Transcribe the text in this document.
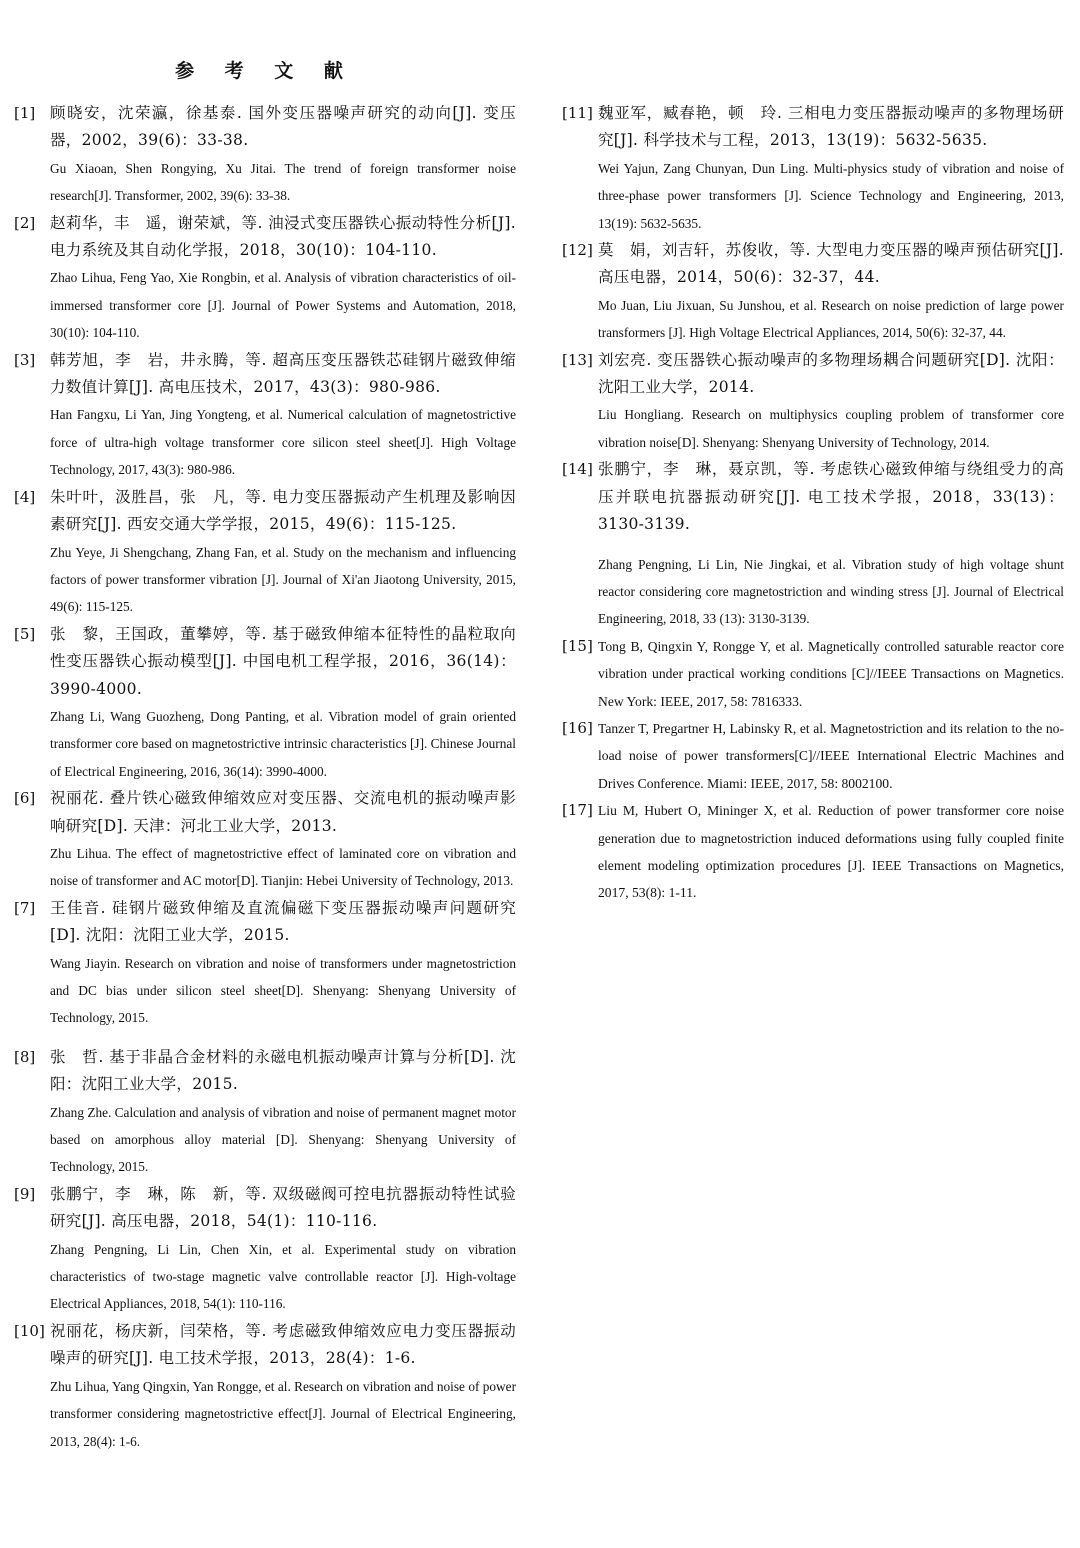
参 考 文 献
[1] 顾晓安，沈荣瀛，徐基泰. 国外变压器噪声研究的动向[J]. 变压器，2002，39(6)：33-38.

Gu Xiaoan, Shen Rongying, Xu Jitai. The trend of foreign transformer noise research[J]. Transformer, 2002, 39(6): 33-38.

[2] 赵莉华，丰　遥，谢荣斌，等. 油浸式变压器铁心振动特性分析[J]. 电力系统及其自动化学报，2018，30(10)：104-110.

Zhao Lihua, Feng Yao, Xie Rongbin, et al. Analysis of vibration characteristics of oil-immersed transformer core [J]. Journal of Power Systems and Automation, 2018, 30(10): 104-110.

[3] 韩芳旭，李　岩，井永腾，等. 超高压变压器铁芯硅钢片磁致伸缩力数值计算[J]. 高电压技术，2017，43(3)：980-986.

Han Fangxu, Li Yan, Jing Yongteng, et al. Numerical calculation of magnetostrictive force of ultra-high voltage transformer core silicon steel sheet[J]. High Voltage Technology, 2017, 43(3): 980-986.

[4] 朱叶叶，汲胜昌，张　凡，等. 电力变压器振动产生机理及影响因素研究[J]. 西安交通大学学报，2015，49(6)：115-125.

Zhu Yeye, Ji Shengchang, Zhang Fan, et al. Study on the mechanism and influencing factors of power transformer vibration [J]. Journal of Xi'an Jiaotong University, 2015, 49(6): 115-125.

[5] 张　黎，王国政，董攀婷，等. 基于磁致伸缩本征特性的晶粒取向性变压器铁心振动模型[J]. 中国电机工程学报，2016，36(14)：3990-4000.

Zhang Li, Wang Guozheng, Dong Panting, et al. Vibration model of grain oriented transformer core based on magnetostrictive intrinsic characteristics [J]. Chinese Journal of Electrical Engineering, 2016, 36(14): 3990-4000.

[6] 祝丽花. 叠片铁心磁致伸缩效应对变压器、交流电机的振动噪声影响研究[D]. 天津：河北工业大学，2013.

Zhu Lihua. The effect of magnetostrictive effect of laminated core on vibration and noise of transformer and AC motor[D]. Tianjin: Hebei University of Technology, 2013.

[7] 王佳音. 硅钢片磁致伸缩及直流偏磁下变压器振动噪声问题研究[D]. 沈阳：沈阳工业大学，2015.

Wang Jiayin. Research on vibration and noise of transformers under magnetostriction and DC bias under silicon steel sheet[D]. Shenyang: Shenyang University of Technology, 2015.

[8] 张　哲. 基于非晶合金材料的永磁电机振动噪声计算与分析[D]. 沈阳：沈阳工业大学，2015.

Zhang Zhe. Calculation and analysis of vibration and noise of permanent magnet motor based on amorphous alloy material [D]. Shenyang: Shenyang University of Technology, 2015.

[9] 张鹏宁，李　琳，陈　新，等. 双级磁阀可控电抗器振动特性试验研究[J]. 高压电器，2018，54(1)：110-116.

Zhang Pengning, Li Lin, Chen Xin, et al. Experimental study on vibration characteristics of two-stage magnetic valve controllable reactor [J]. High-voltage Electrical Appliances, 2018, 54(1): 110-116.

[10] 祝丽花，杨庆新，闫荣格，等. 考虑磁致伸缩效应电力变压器振动噪声的研究[J]. 电工技术学报，2013，28(4)：1-6.

Zhu Lihua, Yang Qingxin, Yan Rongge, et al. Research on vibration and noise of power transformer considering magnetostrictive effect[J]. Journal of Electrical Engineering, 2013, 28(4): 1-6.

[11] 魏亚军，臧春艳，顿　玲. 三相电力变压器振动噪声的多物理场研究[J]. 科学技术与工程，2013，13(19)：5632-5635.

Wei Yajun, Zang Chunyan, Dun Ling. Multi-physics study of vibration and noise of three-phase power transformers [J]. Science Technology and Engineering, 2013, 13(19): 5632-5635.

[12] 莫　娟，刘吉轩，苏俊收，等. 大型电力变压器的噪声预估研究[J]. 高压电器，2014，50(6)：32-37，44.

Mo Juan, Liu Jixuan, Su Junshou, et al. Research on noise prediction of large power transformers [J]. High Voltage Electrical Appliances, 2014, 50(6): 32-37, 44.

[13] 刘宏亮. 变压器铁心振动噪声的多物理场耦合问题研究[D]. 沈阳：沈阳工业大学，2014.

Liu Hongliang. Research on multiphysics coupling problem of transformer core vibration noise[D]. Shenyang: Shenyang University of Technology, 2014.

[14] 张鹏宁，李　琳，聂京凯，等. 考虑铁心磁致伸缩与绕组受力的高压并联电抗器振动研究[J]. 电工技术学报，2018，33(13)：3130-3139.

Zhang Pengning, Li Lin, Nie Jingkai, et al. Vibration study of high voltage shunt reactor considering core magnetostriction and winding stress [J]. Journal of Electrical Engineering, 2018, 33 (13): 3130-3139.

[15] Tong B, Qingxin Y, Rongge Y, et al. Magnetically controlled saturable reactor core vibration under practical working conditions [C]//IEEE Transactions on Magnetics. New York: IEEE, 2017, 58: 7816333.

[16] Tanzer T, Pregartner H, Labinsky R, et al. Magnetostriction and its relation to the no-load noise of power transformers[C]//IEEE International Electric Machines and Drives Conference. Miami: IEEE, 2017, 58: 8002100.

[17] Liu M, Hubert O, Mininger X, et al. Reduction of power transformer core noise generation due to magnetostriction induced deformations using fully coupled finite element modeling optimization procedures [J]. IEEE Transactions on Magnetics, 2017, 53(8): 1-11.
